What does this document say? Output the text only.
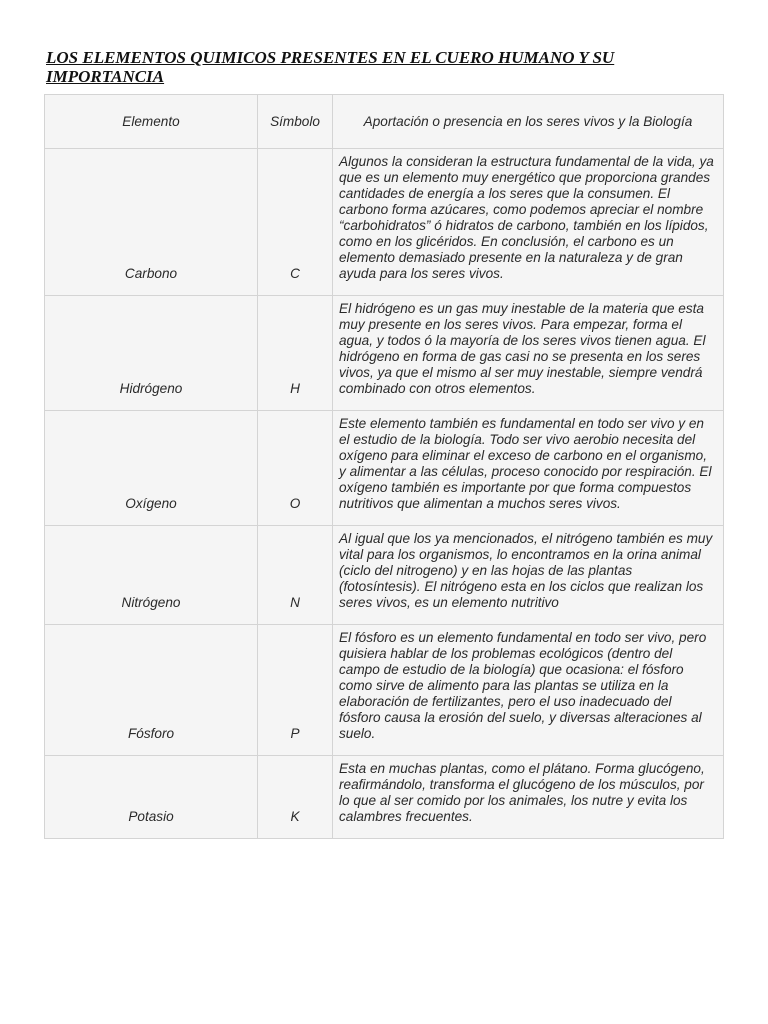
LOS ELEMENTOS QUIMICOS PRESENTES EN EL CUERO HUMANO Y SU IMPORTANCIA
Elemento	Símbolo	Aportación o presencia en los seres vivos y la Biología
Carbono	C	Algunos la consideran la estructura fundamental de la vida, ya que es un elemento muy energético que proporciona grandes cantidades de energía a los seres que la consumen. El carbono forma azúcares, como podemos apreciar el nombre “carbohidratos” ó hidratos de carbono, también en los lípidos, como en los glicéridos. En conclusión, el carbono es un elemento demasiado presente en la naturaleza y de gran ayuda para los seres vivos.
Hidrógeno	H	El hidrógeno es un gas muy inestable de la materia que esta muy presente en los seres vivos. Para empezar, forma el agua, y todos ó la mayoría de los seres vivos tienen agua. El hidrógeno en forma de gas casi no se presenta en los seres vivos, ya que el mismo al ser muy inestable, siempre vendrá combinado con otros elementos.
Oxígeno	O	Este elemento también es fundamental en todo ser vivo y en el estudio de la biología. Todo ser vivo aerobio necesita del oxígeno para eliminar el exceso de carbono en el organismo, y alimentar a las células, proceso conocido por respiración. El oxígeno también es importante por que forma compuestos nutritivos que alimentan a muchos seres vivos.
Nitrógeno	N	Al igual que los ya mencionados, el nitrógeno también es muy vital para los organismos, lo encontramos en la orina animal (ciclo del nitrogeno) y en las hojas de las plantas (fotosíntesis). El nitrógeno esta en los ciclos que realizan los seres vivos, es un elemento nutritivo
Fósforo	P	El fósforo es un elemento fundamental en todo ser vivo, pero quisiera hablar de los problemas ecológicos (dentro del campo de estudio de la biología) que ocasiona: el fósforo como sirve de alimento para las plantas se utiliza en la elaboración de fertilizantes, pero el uso inadecuado del fósforo causa la erosión del suelo, y diversas alteraciones al suelo.
Potasio	K	Esta en muchas plantas, como el plátano. Forma glucógeno, reafirmándolo, transforma el glucógeno de los músculos, por lo que al ser comido por los animales, los nutre y evita los calambres frecuentes.
